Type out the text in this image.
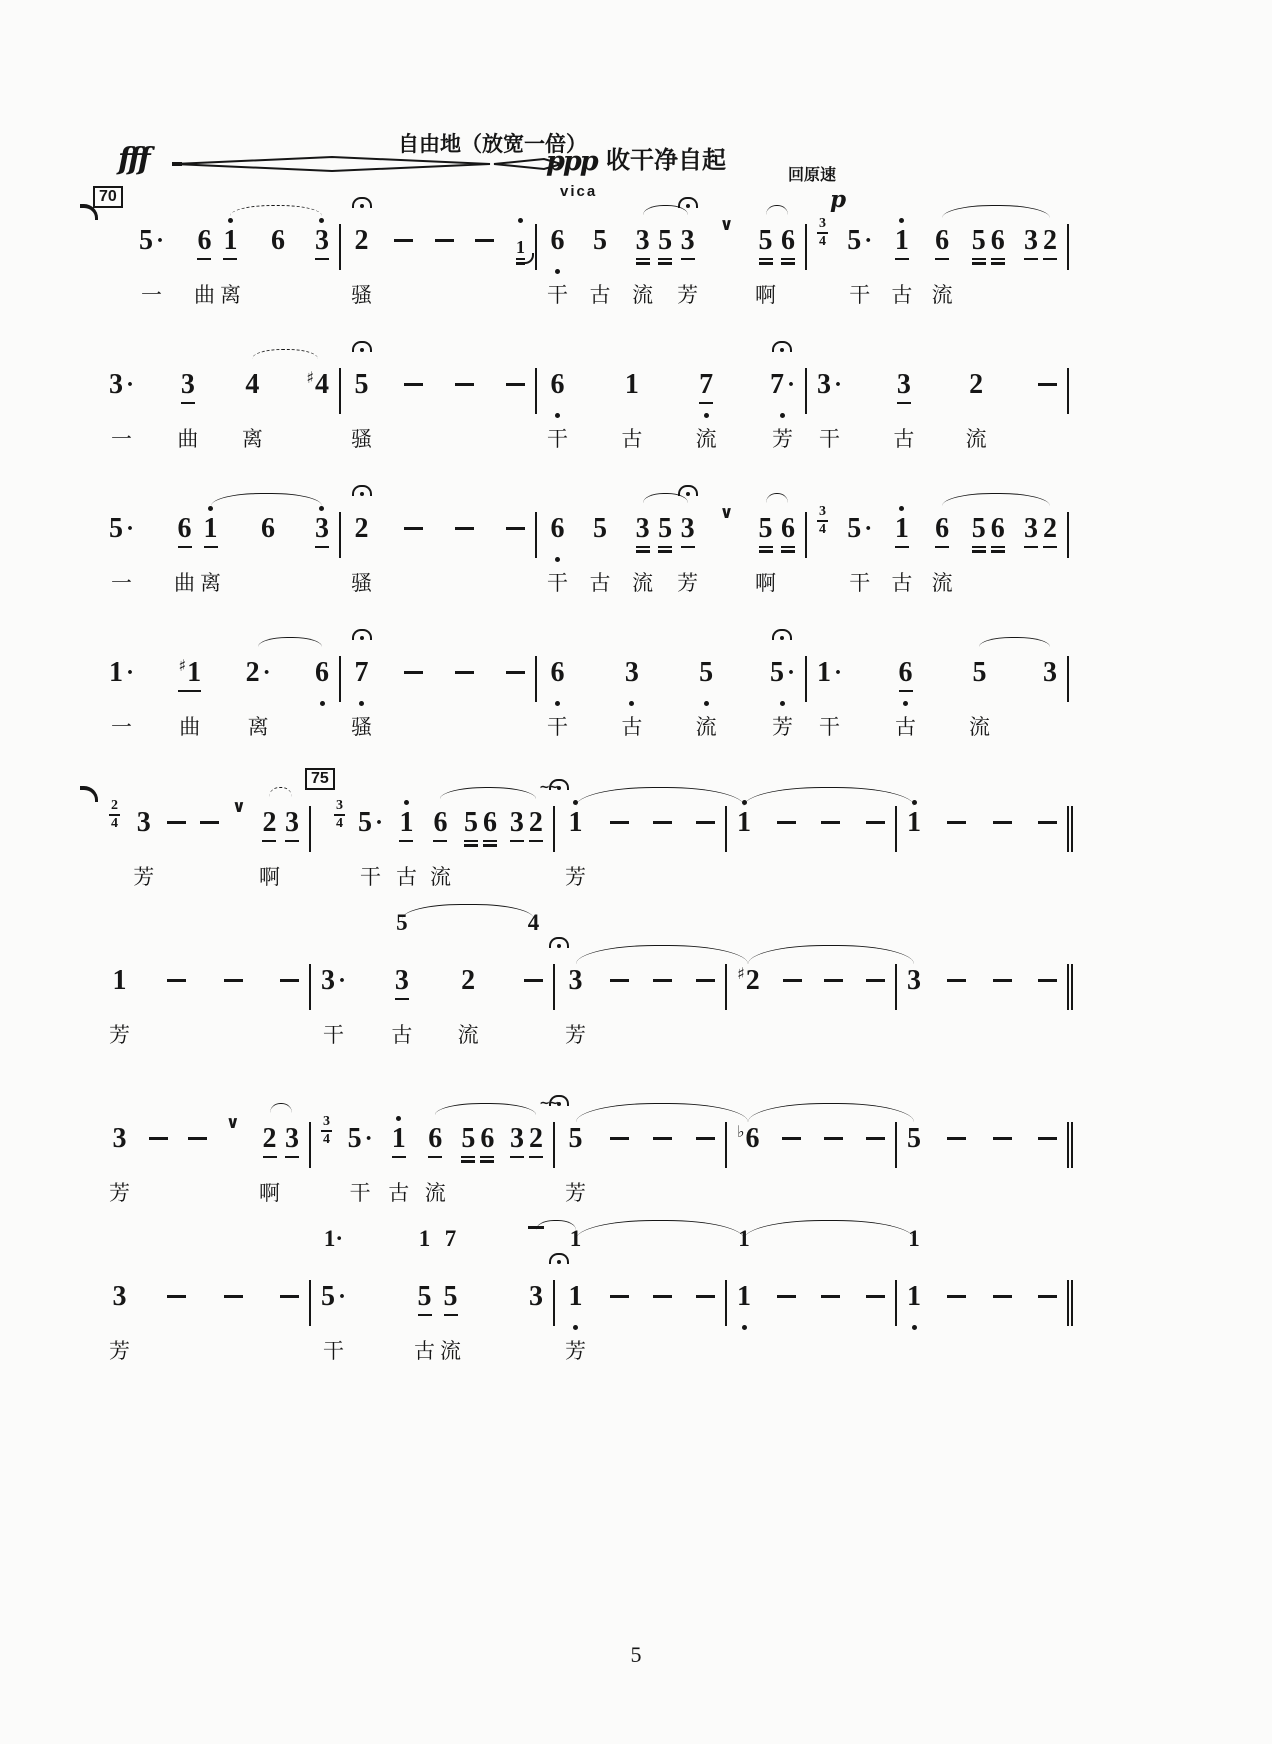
fff	自由地（放宽一倍）
ppp 收干净自起
vica
回原速
p
70
5 ·
一
6
曲
1
离
6
3
2
骚

1
6
干
5
古
3
流
5
3
芳
∨
5
啊
6

3
4
5 ·
干
1
古
6
流
5
6
3
2

3 ·
一
3
曲
4
离
♯ 4
5
骚

6
干
1
古
7
流
7 ·
芳
3 ·
干
3
古
2
流

5 ·
一
6
曲
1
离
6
3
2
骚

6
干
5
古
3
流
5
3
芳
∨
5
啊
6

3
4
5 ·
干
1
古
6
流
5
6
3
2

1 ·
一
♯ 1
曲
2 ·
离
6
7
骚

6
干
3
古
5
流
5 ·
芳
1 ·
干
6
古
5
流
3

2
4
3
芳

∨
2
啊
3

75
3
4
5 ·
干
1
古
6
流
5
6
3
2

∼∼
1
芳

1

	1

1
芳

3 ·
干
3
古
5
2
流

4
3
芳

♯ 2

	3

3
芳

∨
2
啊
3

3
4
5 ·
干
1
古
6
流
5
6
3
2

∼∼
5
芳

♭ 6

	5

3
芳

5 ·
干
1·
5
古
1
5
流
7
3
1
芳
1

1

1

1

1

5
